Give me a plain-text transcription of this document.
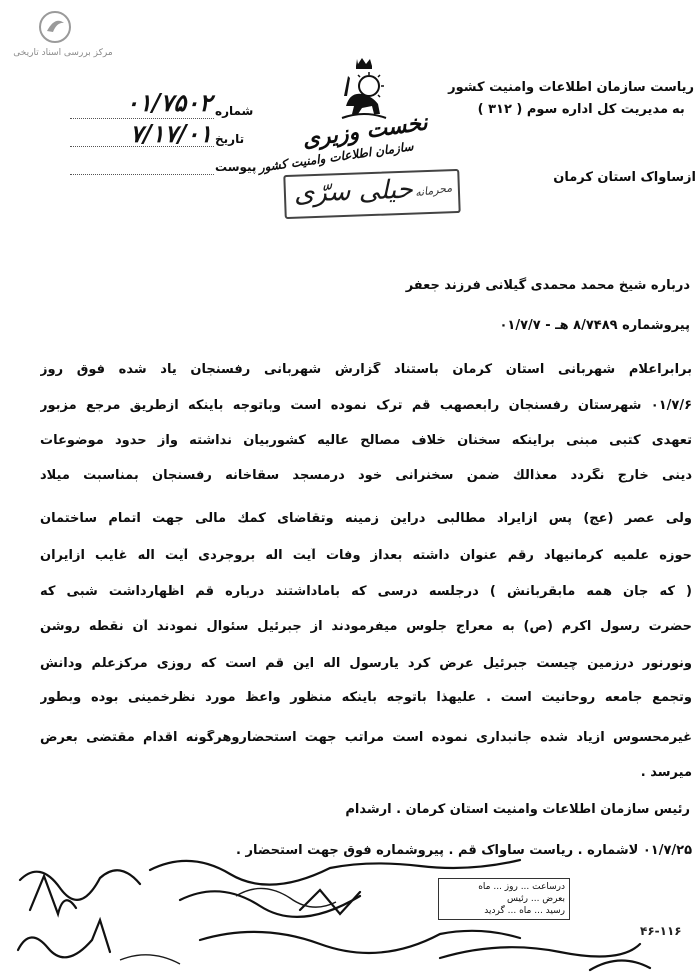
مرکز بررسی اسناد تاریخی
نخست وزیری
سازمان اطلاعات وامنیت کشور
حیلی سرّی محرمانه
ریاست سازمان اطلاعات وامنیت کشور
مدیریت کل اداره سوم ( ۳۱۲ ) به
ساواک استان کرمان از
شماره
تاریخ
پیوست
۰۱/۷۵۰۲
۷/۱۷/۰۱
درباره شیخ محمد محمدی گیلانی فرزند جعفر
پیروشماره ۸/۷۴۸۹ هـ - ۰۱/۷/۷
برابراعلام شهربانی استان کرمان باستناد گزارش شهربانی رفسنجان یاد شده فوق روز
۰۱/۷/۶ شهرستان رفسنجان رابعصهب قم ترک نموده است وباتوجه باینکه ازطریق مرجع مزبور
تعهدی کتبی مبنی براینکه سخنان خلاف مصالح عالیه کشوربیان نداشته واز حدود موضوعات
دینی خارج نگردد معذالك ضمن سخنرانی خود درمسجد سقاخانه رفسنجان بمناسبت میلاد
ولی عصر (عج) پس ازایراد مطالبی دراین زمینه وتقاضای کمك مالی جهت اتمام ساختمان
حوزه علمیه کرمانیهاد رقم عنوان داشته بعداز وفات آیت اله بروجردی آیت اله غایب ازایران
( که جان همه مابقربانش ) درجلسه درسی که باماداشتند درباره قم اظهارداشت شبی که
حضرت رسول اکرم (ص) به معراج جلوس میفرمودند از جبرئیل سئوال نمودند آن نقطه روشن
ونورنور درزمین چیست جبرئیل عرض کرد یارسول اله این قم است که روزی مرکزعلم ودانش
وتجمع جامعه روحانیت است . علیهذا باتوجه باینکه منظور واعظ مورد نظرخمینی بوده وبطور
غیرمحسوس ازیاد شده جانبداری نموده است مراتب جهت استحضاروهرگونه اقدام مقتضی بعرض
میرسد .
رئیس سازمان اطلاعات وامنیت استان کرمان . ارشدام
۰۱/۷/۲۵ لاشماره . ریاست ساواک قم . پیروشماره فوق جهت استحضار .
درساعت ... روز ... ماه
بعرض ... رئیس
رسید ... ماه ... گردید
۴۶-۱۱۶
